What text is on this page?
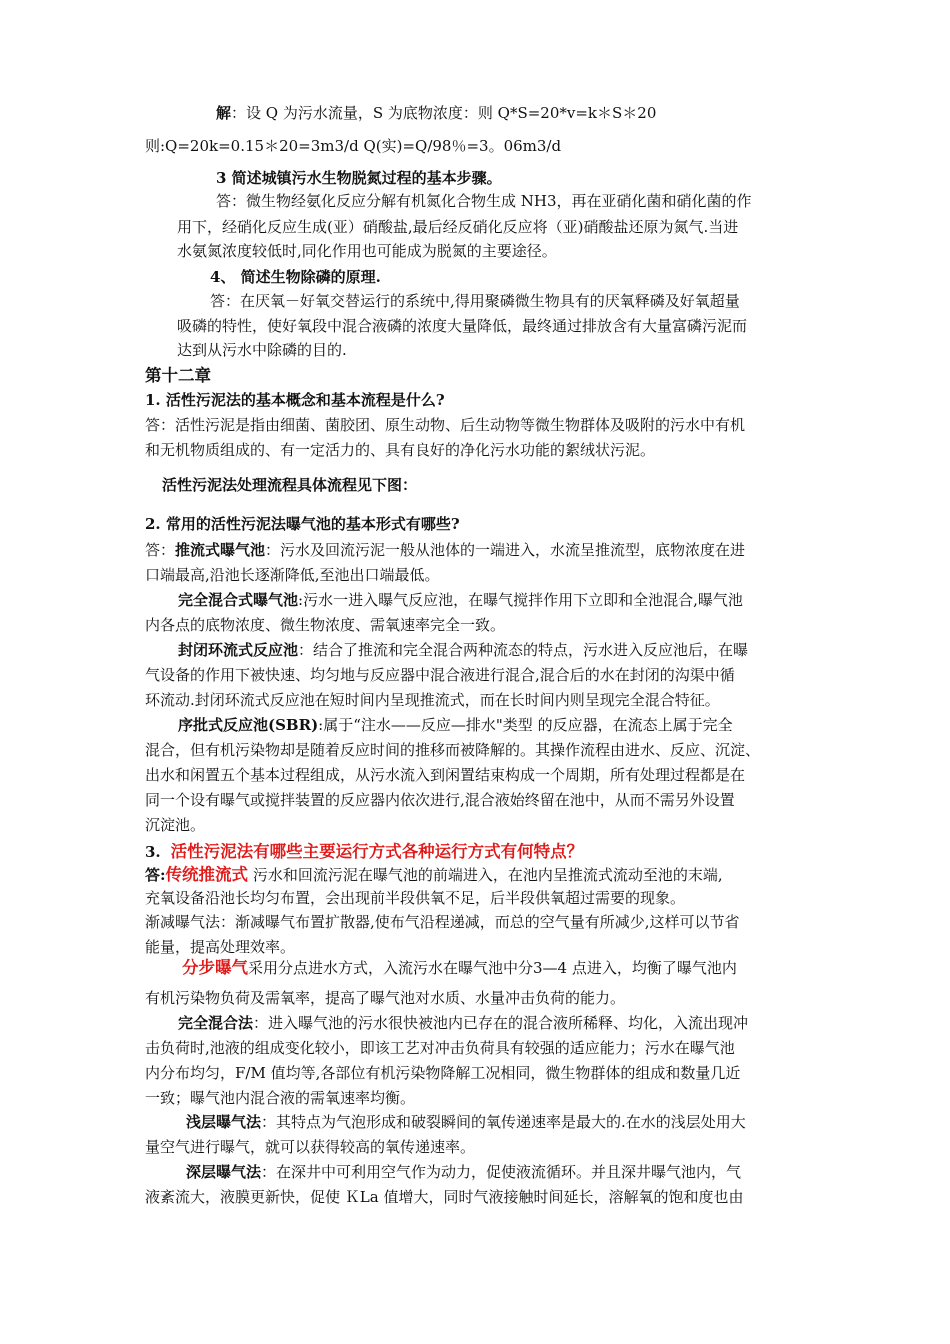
解：设 Q 为污水流量，S 为底物浓度：则 Q*S=20*v=k＊S＊20
则:Q=20k=0.15＊20=3m3/d Q(实)=Q/98％=3。06m3/d
3 简述城镇污水生物脱氮过程的基本步骤。
答：微生物经氨化反应分解有机氮化合物生成 NH3，再在亚硝化菌和硝化菌的作
用下，经硝化反应生成(亚）硝酸盐,最后经反硝化反应将（亚)硝酸盐还原为氮气.当进
水氨氮浓度较低时,同化作用也可能成为脱氮的主要途径。
4、 简述生物除磷的原理.
答：在厌氧－好氧交替运行的系统中,得用聚磷微生物具有的厌氧释磷及好氧超量
吸磷的特性，使好氧段中混合液磷的浓度大量降低，最终通过排放含有大量富磷污泥而
达到从污水中除磷的目的.
第十二章
1. 活性污泥法的基本概念和基本流程是什么?
答：活性污泥是指由细菌、菌胶团、原生动物、后生动物等微生物群体及吸附的污水中有机
和无机物质组成的、有一定活力的、具有良好的净化污水功能的絮绒状污泥。
活性污泥法处理流程具体流程见下图：
2. 常用的活性污泥法曝气池的基本形式有哪些?
答：推流式曝气池：污水及回流污泥一般从池体的一端进入，水流呈推流型，底物浓度在进
口端最高,沿池长逐渐降低,至池出口端最低。
完全混合式曝气池:污水一进入曝气反应池，在曝气搅拌作用下立即和全池混合,曝气池
内各点的底物浓度、微生物浓度、需氧速率完全一致。
封闭环流式反应池：结合了推流和完全混合两种流态的特点，污水进入反应池后，在曝
气设备的作用下被快速、均匀地与反应器中混合液进行混合,混合后的水在封闭的沟渠中循
环流动.封闭环流式反应池在短时间内呈现推流式，而在长时间内则呈现完全混合特征。
序批式反应池(SBR):属于“注水——反应—排水"类型 的反应器，在流态上属于完全
混合，但有机污染物却是随着反应时间的推移而被降解的。其操作流程由进水、反应、沉淀、
出水和闲置五个基本过程组成，从污水流入到闲置结束构成一个周期，所有处理过程都是在
同一个设有曝气或搅拌装置的反应器内依次进行,混合液始终留在池中，从而不需另外设置
沉淀池。
3. 活性污泥法有哪些主要运行方式各种运行方式有何特点？
答:传统推流式 污水和回流污泥在曝气池的前端进入，在池内呈推流式流动至池的末端,
充氧设备沿池长均匀布置，会出现前半段供氧不足，后半段供氧超过需要的现象。
渐减曝气法：渐减曝气布置扩散器,使布气沿程递减，而总的空气量有所减少,这样可以节省
能量，提高处理效率。
分步曝气采用分点进水方式，入流污水在曝气池中分3—4 点进入，均衡了曝气池内
有机污染物负荷及需氧率，提高了曝气池对水质、水量冲击负荷的能力。
完全混合法：进入曝气池的污水很快被池内已存在的混合液所稀释、均化，入流出现冲
击负荷时,池液的组成变化较小，即该工艺对冲击负荷具有较强的适应能力；污水在曝气池
内分布均匀，F/M 值均等,各部位有机污染物降解工况相同，微生物群体的组成和数量几近
一致；曝气池内混合液的需氧速率均衡。
浅层曝气法：其特点为气泡形成和破裂瞬间的氧传递速率是最大的.在水的浅层处用大
量空气进行曝气，就可以获得较高的氧传递速率。
深层曝气法：在深井中可利用空气作为动力，促使液流循环。并且深井曝气池内，气
液紊流大，液膜更新快，促使 ＫLa 值增大，同时气液接触时间延长，溶解氧的饱和度也由
